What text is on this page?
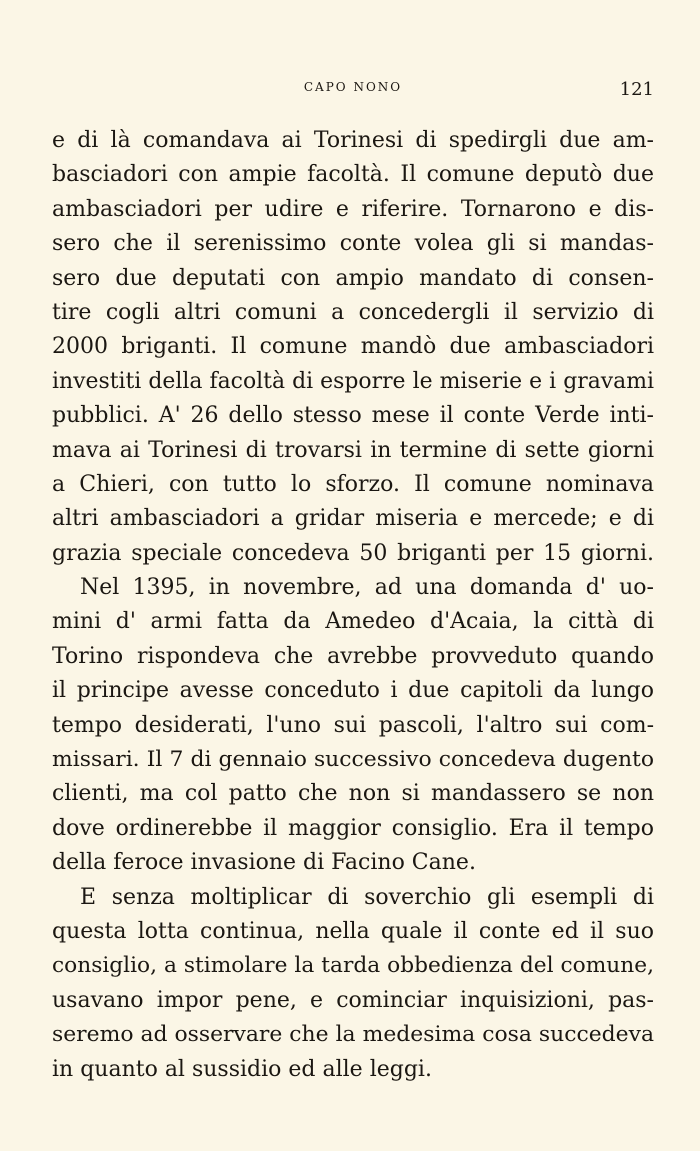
CAPO NONO	121
e di là comandava ai Torinesi di spedirgli due am-
basciadori con ampie facoltà. Il comune deputò due
ambasciadori per udire e riferire. Tornarono e dis-
sero che il serenissimo conte volea gli si mandas-
sero due deputati con ampio mandato di consen-
tire cogli altri comuni a concedergli il servizio di
2000 briganti. Il comune mandò due ambasciadori
investiti della facoltà di esporre le miserie e i gravami
pubblici. A' 26 dello stesso mese il conte Verde inti-
mava ai Torinesi di trovarsi in termine di sette giorni
a Chieri, con tutto lo sforzo. Il comune nominava
altri ambasciadori a gridar miseria e mercede; e di
grazia speciale concedeva 50 briganti per 15 giorni.
Nel 1395, in novembre, ad una domanda d' uo-
mini d' armi fatta da Amedeo d'Acaia, la città di
Torino rispondeva che avrebbe provveduto quando
il principe avesse conceduto i due capitoli da lungo
tempo desiderati, l'uno sui pascoli, l'altro sui com-
missari. Il 7 di gennaio successivo concedeva dugento
clienti, ma col patto che non si mandassero se non
dove ordinerebbe il maggior consiglio. Era il tempo
della feroce invasione di Facino Cane.
E senza moltiplicar di soverchio gli esempli di
questa lotta continua, nella quale il conte ed il suo
consiglio, a stimolare la tarda obbedienza del comune,
usavano impor pene, e cominciar inquisizioni, pas-
seremo ad osservare che la medesima cosa succedeva
in quanto al sussidio ed alle leggi.
